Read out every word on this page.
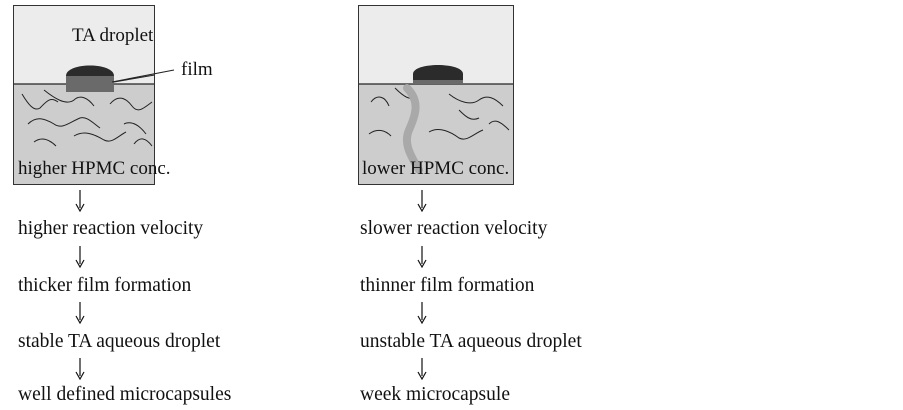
TA droplet
film
higher HPMC conc.
higher reaction velocity
thicker film formation
stable TA aqueous droplet
well defined microcapsules
lower HPMC conc.
slower reaction velocity
thinner film formation
unstable TA aqueous droplet
week microcapsule
